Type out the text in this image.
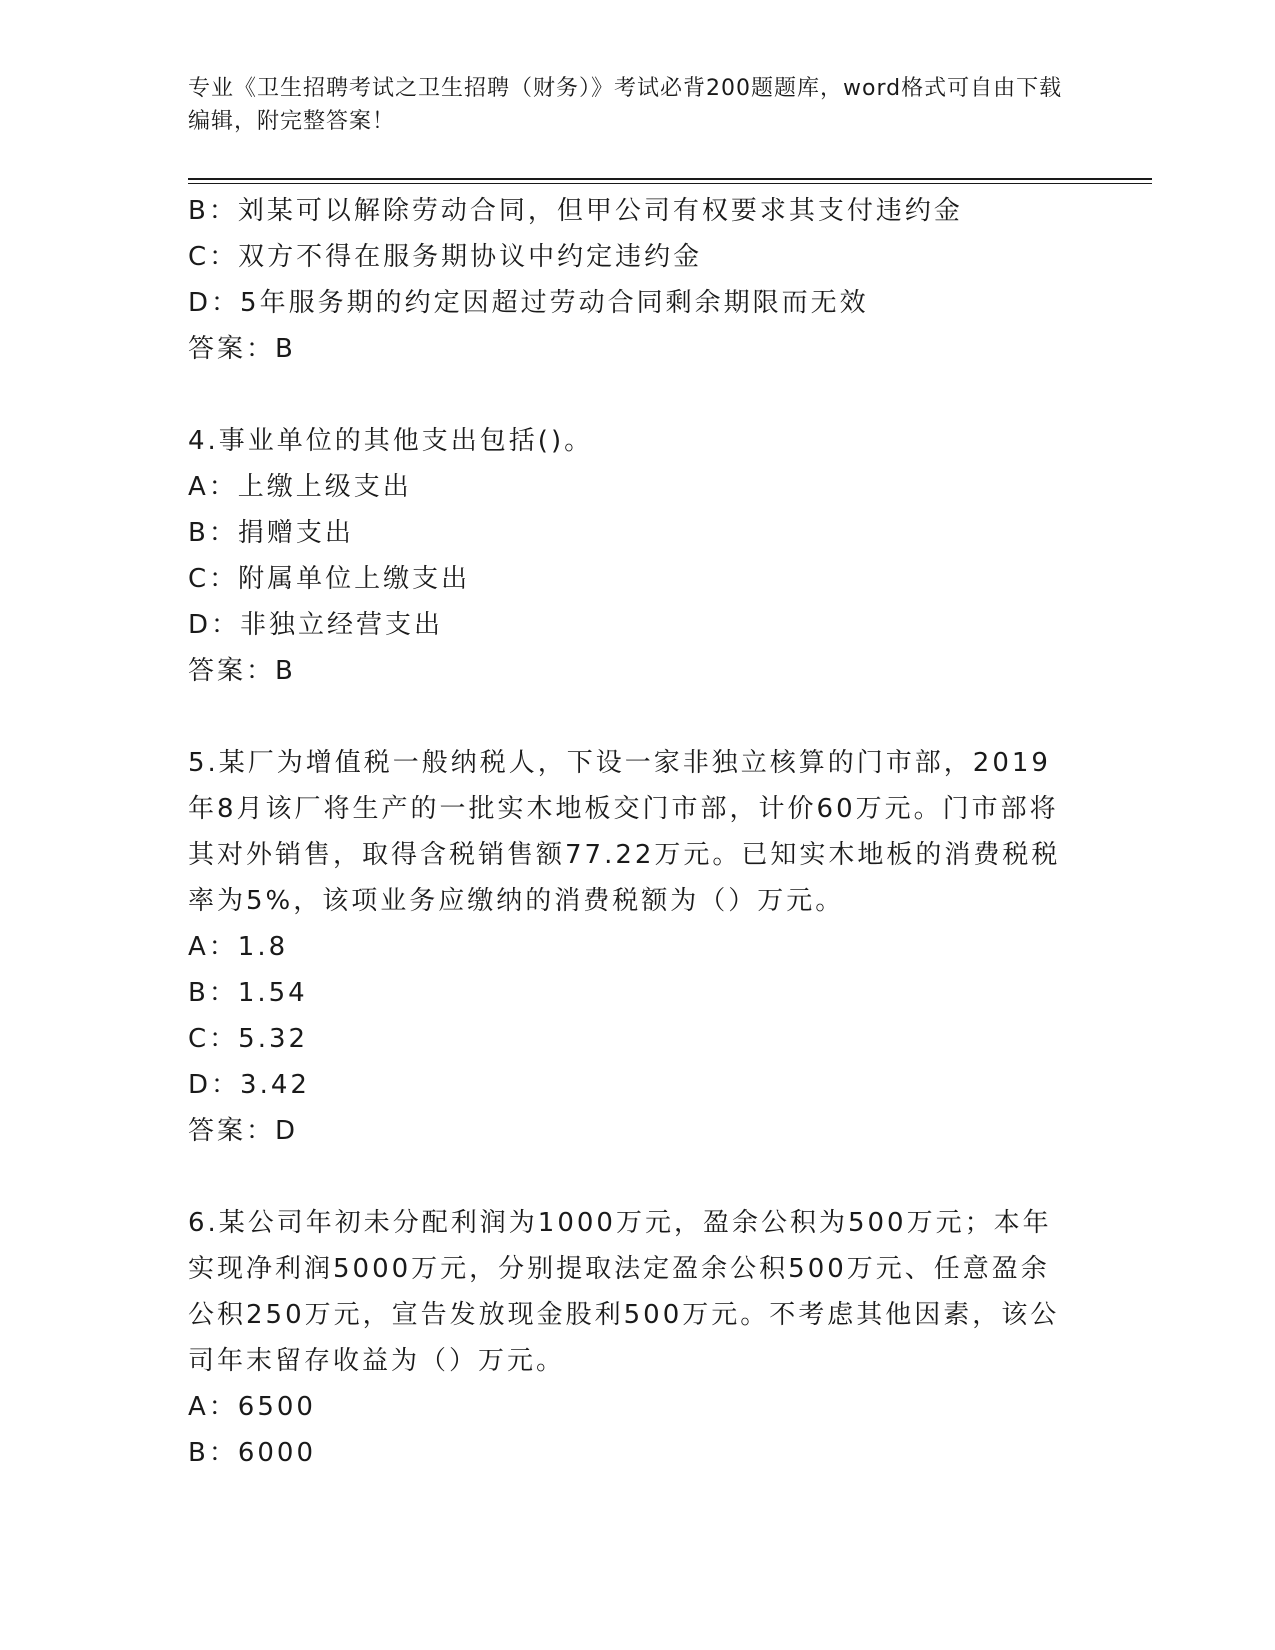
专业《卫生招聘考试之卫生招聘（财务）》考试必背200题题库，word格式可自由下载编辑，附完整答案！
B：刘某可以解除劳动合同，但甲公司有权要求其支付违约金
C：双方不得在服务期协议中约定违约金
D：5年服务期的约定因超过劳动合同剩余期限而无效
答案：B
4.事业单位的其他支出包括()。
A：上缴上级支出
B：捐赠支出
C：附属单位上缴支出
D：非独立经营支出
答案：B
5.某厂为增值税一般纳税人，下设一家非独立核算的门市部，2019年8月该厂将生产的一批实木地板交门市部，计价60万元。门市部将其对外销售，取得含税销售额77.22万元。已知实木地板的消费税税率为5%，该项业务应缴纳的消费税额为（）万元。
A：1.8
B：1.54
C：5.32
D：3.42
答案：D
6.某公司年初未分配利润为1000万元，盈余公积为500万元；本年实现净利润5000万元，分别提取法定盈余公积500万元、任意盈余公积250万元，宣告发放现金股利500万元。不考虑其他因素，该公司年末留存收益为（）万元。
A：6500
B：6000
